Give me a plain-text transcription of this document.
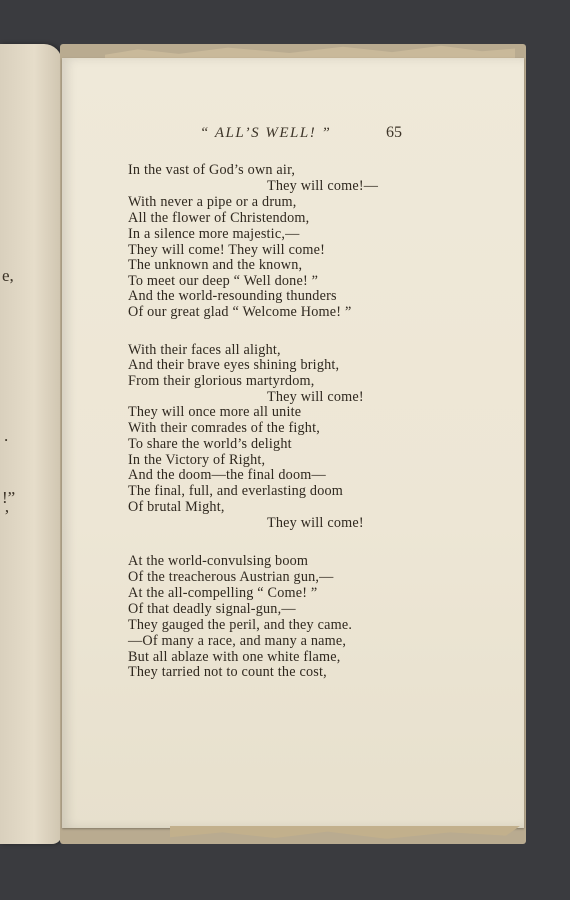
e,
.
!”
’
“ ALL’S WELL! ”	65
In the vast of God’s own air,
They will come!—
With never a pipe or a drum,
All the flower of Christendom,
In a silence more majestic,—
They will come! They will come!
The unknown and the known,
To meet our deep “ Well done! ”
And the world-resounding thunders
Of our great glad “ Welcome Home! ”
With their faces all alight,
And their brave eyes shining bright,
From their glorious martyrdom,
They will come!
They will once more all unite
With their comrades of the fight,
To share the world’s delight
In the Victory of Right,
And the doom—the final doom—
The final, full, and everlasting doom
Of brutal Might,
They will come!
At the world-convulsing boom
Of the treacherous Austrian gun,—
At the all-compelling “ Come! ”
Of that deadly signal-gun,—
They gauged the peril, and they came.
—Of many a race, and many a name,
But all ablaze with one white flame,
They tarried not to count the cost,
